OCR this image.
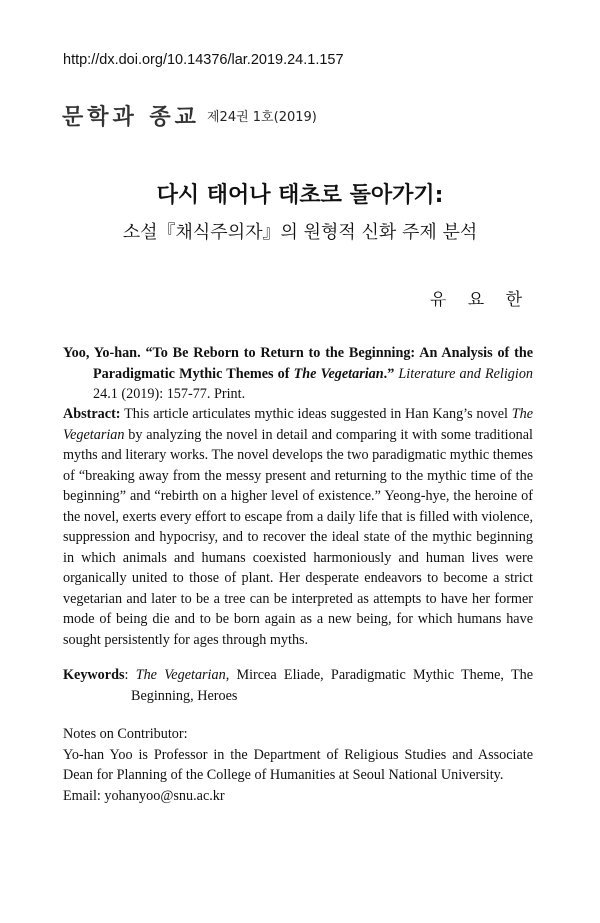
http://dx.doi.org/10.14376/lar.2019.24.1.157
문학과 종교 제24권 1호(2019)
다시 태어나 태초로 돌아가기:
소설『채식주의자』의 원형적 신화 주제 분석
유 요 한
Yoo, Yo-han. “To Be Reborn to Return to the Beginning: An Analysis of the Paradigmatic Mythic Themes of The Vegetarian.” Literature and Religion 24.1 (2019): 157-77. Print.
Abstract: This article articulates mythic ideas suggested in Han Kang’s novel The Vegetarian by analyzing the novel in detail and comparing it with some traditional myths and literary works. The novel develops the two paradigmatic mythic themes of “breaking away from the messy present and returning to the mythic time of the beginning” and “rebirth on a higher level of existence.” Yeong-hye, the heroine of the novel, exerts every effort to escape from a daily life that is filled with violence, suppression and hypocrisy, and to recover the ideal state of the mythic beginning in which animals and humans coexisted harmoniously and human lives were organically united to those of plant. Her desperate endeavors to become a strict vegetarian and later to be a tree can be interpreted as attempts to have her former mode of being die and to be born again as a new being, for which humans have sought persistently for ages through myths.
Keywords: The Vegetarian, Mircea Eliade, Paradigmatic Mythic Theme, The Beginning, Heroes
Notes on Contributor:
Yo-han Yoo is Professor in the Department of Religious Studies and Associate Dean for Planning of the College of Humanities at Seoul National University.
Email: yohanyoo@snu.ac.kr
